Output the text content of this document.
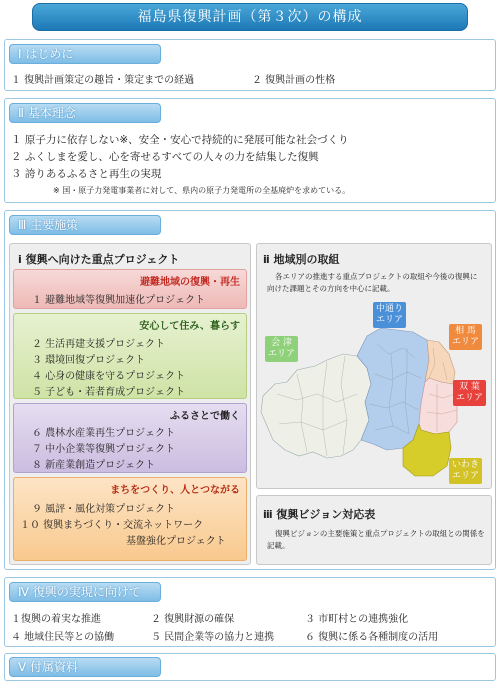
福島県復興計画（第３次）の構成
Ⅰ はじめに
１ 復興計画策定の趣旨・策定までの経過	２ 復興計画の性格
Ⅱ 基本理念
１ 原子力に依存しない※、安全・安心で持続的に発展可能な社会づくり
２ ふくしまを愛し、心を寄せるすべての人々の力を結集した復興
３ 誇りあるふるさと再生の実現
※ 国・原子力発電事業者に対して、県内の原子力発電所の全基廃炉を求めている。
Ⅲ 主要施策
ⅰ 復興へ向けた重点プロジェクト
避難地域の復興・再生
１ 避難地域等復興加速化プロジェクト
安心して住み、暮らす
２ 生活再建支援プロジェクト
３ 環境回復プロジェクト
４ 心身の健康を守るプロジェクト
５ 子ども・若者育成プロジェクト
ふるさとで働く
６ 農林水産業再生プロジェクト
７ 中小企業等復興プロジェクト
８ 新産業創造プロジェクト
まちをつくり、人とつながる
９ 風評・風化対策プロジェクト
１０ 復興まちづくり・交流ネットワーク
基盤強化プロジェクト
ⅱ 地域別の取組
各エリアの推進する重点プロジェクトの取組や今後の復興に
向けた課題とその方向を中心に記載。
中通り
エリア
会 津
エリア
相 馬
エリア
双 葉
エリア
いわき
エリア
ⅲ 復興ビジョン対応表
復興ビジョンの主要施策と重点プロジェクトの取組との関係を
記載。
Ⅳ 復興の実現に向けて
１復興の着実な推進	２ 復興財源の確保	３ 市町村との連携強化
４ 地域住民等との協働	５ 民間企業等の協力と連携	６ 復興に係る各種制度の活用
Ⅴ 付属資料
